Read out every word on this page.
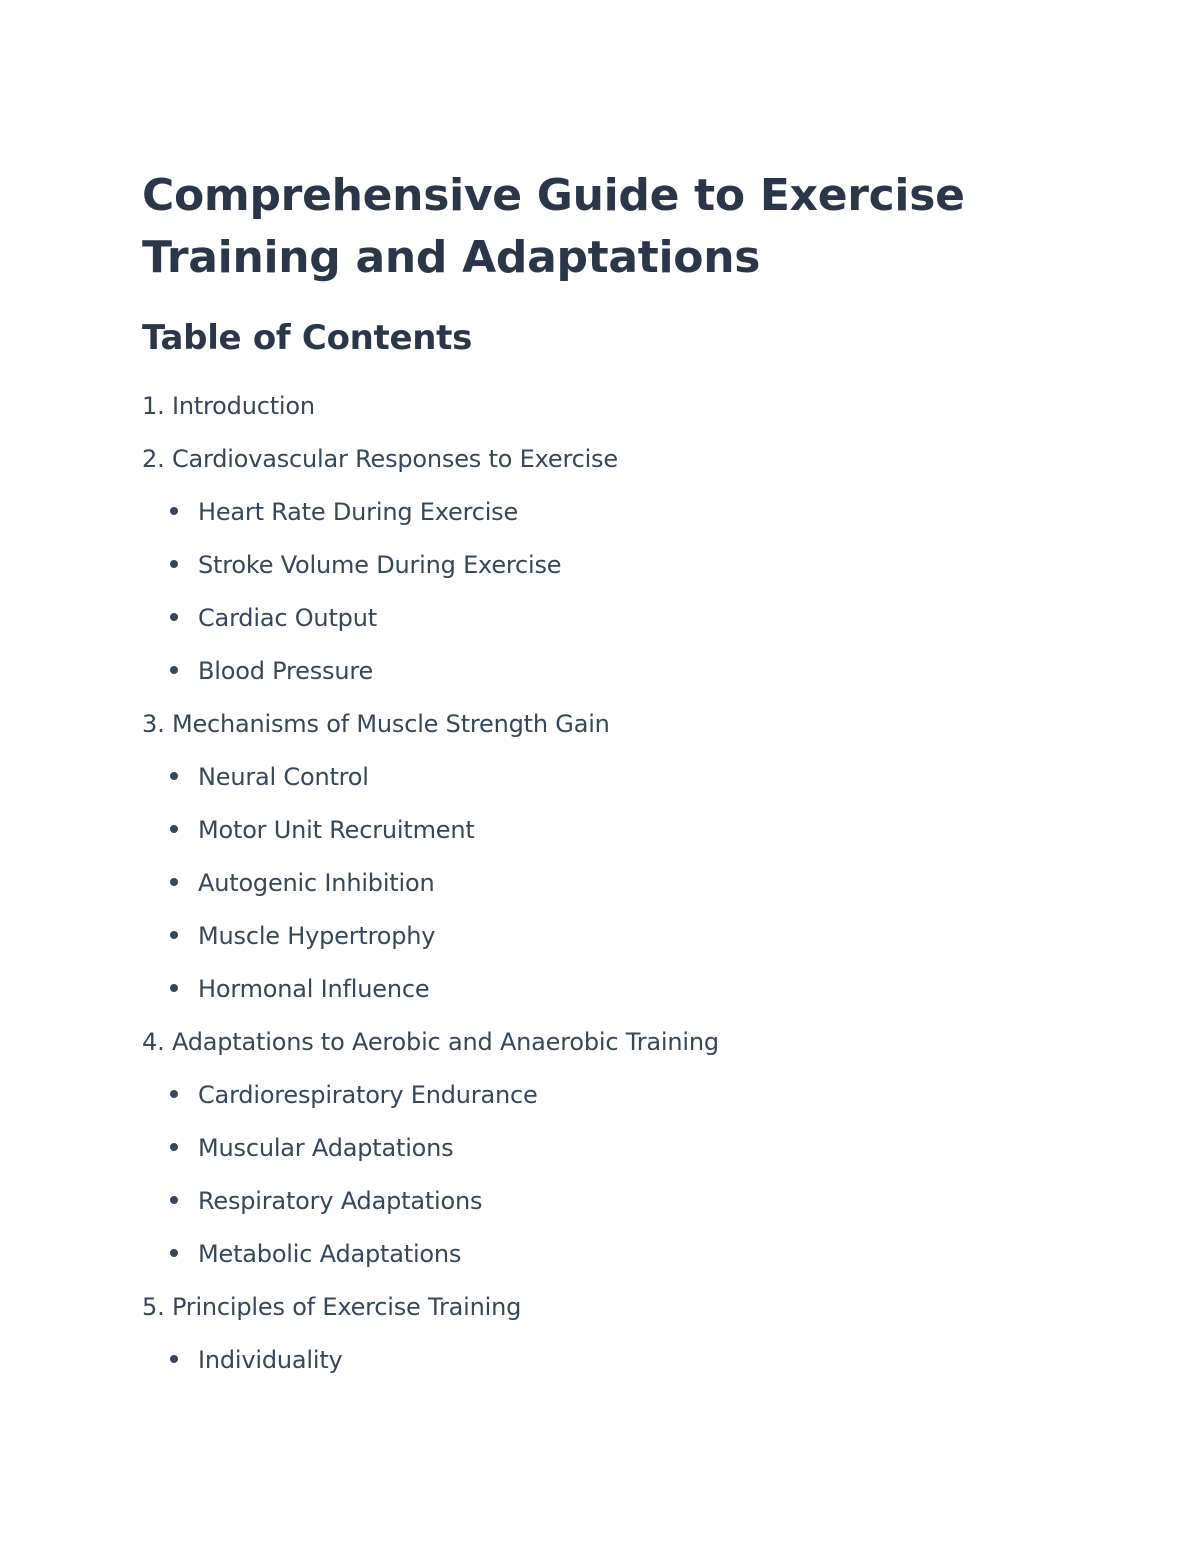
Comprehensive Guide to Exercise
Training and Adaptations
Table of Contents
1. Introduction
2. Cardiovascular Responses to Exercise
Heart Rate During Exercise
Stroke Volume During Exercise
Cardiac Output
Blood Pressure
3. Mechanisms of Muscle Strength Gain
Neural Control
Motor Unit Recruitment
Autogenic Inhibition
Muscle Hypertrophy
Hormonal Influence
4. Adaptations to Aerobic and Anaerobic Training
Cardiorespiratory Endurance
Muscular Adaptations
Respiratory Adaptations
Metabolic Adaptations
5. Principles of Exercise Training
Individuality
